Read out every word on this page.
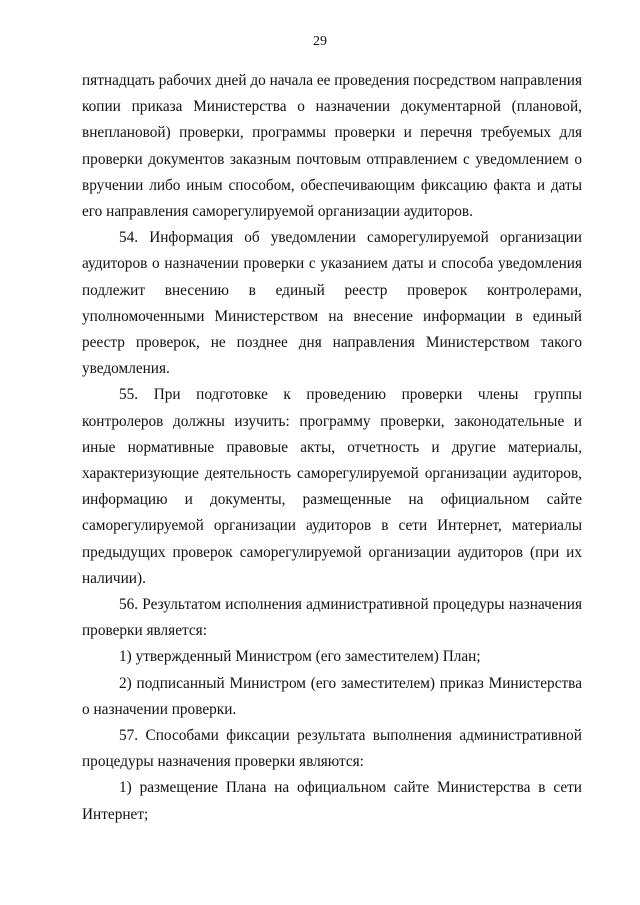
29

пятнадцать рабочих дней до начала ее проведения посредством направления копии приказа Министерства о назначении документарной (плановой, внеплановой) проверки, программы проверки и перечня требуемых для проверки документов заказным почтовым отправлением с уведомлением о вручении либо иным способом, обеспечивающим фиксацию факта и даты его направления саморегулируемой организации аудиторов.

54. Информация об уведомлении саморегулируемой организации аудиторов о назначении проверки с указанием даты и способа уведомления подлежит внесению в единый реестр проверок контролерами, уполномоченными Министерством на внесение информации в единый реестр проверок, не позднее дня направления Министерством такого уведомления.

55. При подготовке к проведению проверки члены группы контролеров должны изучить: программу проверки, законодательные и иные нормативные правовые акты, отчетность и другие материалы, характеризующие деятельность саморегулируемой организации аудиторов, информацию и документы, размещенные на официальном сайте саморегулируемой организации аудиторов в сети Интернет, материалы предыдущих проверок саморегулируемой организации аудиторов (при их наличии).

56. Результатом исполнения административной процедуры назначения проверки является:

1) утвержденный Министром (его заместителем) План;

2) подписанный Министром (его заместителем) приказ Министерства о назначении проверки.

57. Способами фиксации результата выполнения административной процедуры назначения проверки являются:

1) размещение Плана на официальном сайте Министерства в сети Интернет;
